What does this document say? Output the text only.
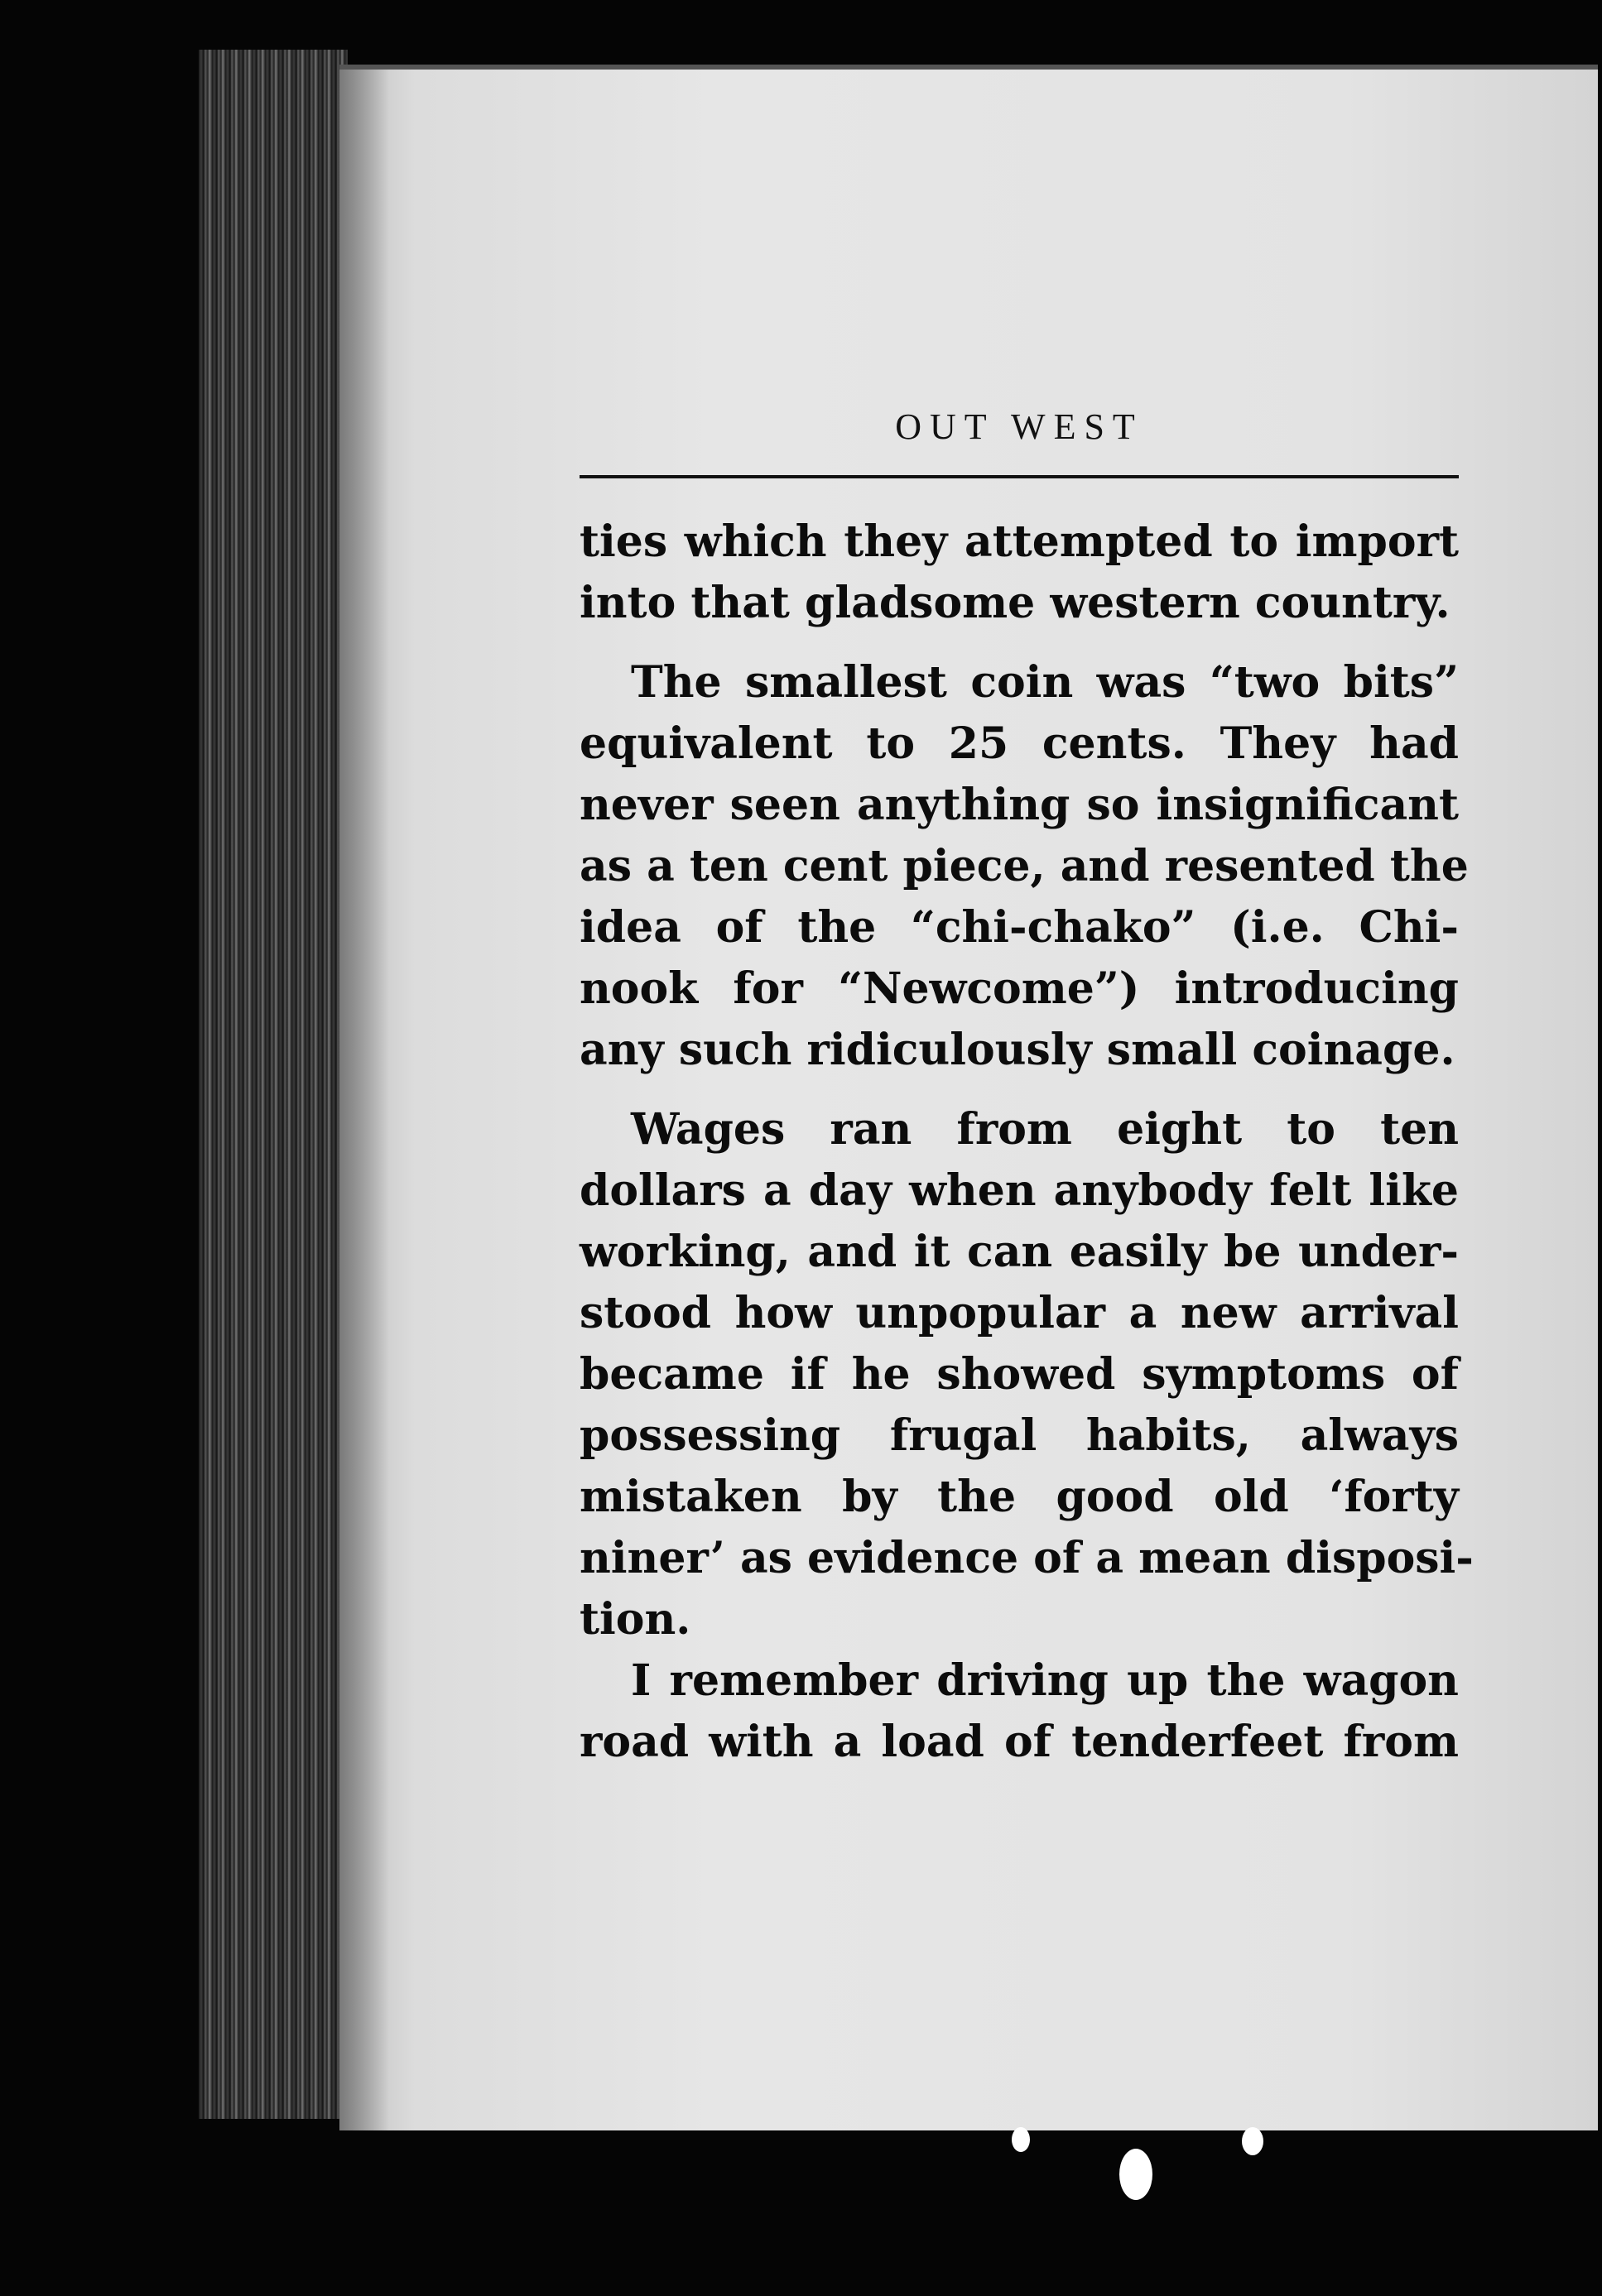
OUT WEST
ties which they attempted to import
into that gladsome western country.
The smallest coin was “two bits”
equivalent to 25 cents. They had
never seen anything so insignificant
as a ten cent piece, and resented the
idea of the “chi-chako” (i.e. Chi-
nook for “Newcome”) introducing
any such ridiculously small coinage.
Wages ran from eight to ten
dollars a day when anybody felt like
working, and it can easily be under-
stood how unpopular a new arrival
became if he showed symptoms of
possessing frugal habits, always
mistaken by the good old ‘forty
niner’ as evidence of a mean disposi-
tion.
I remember driving up the wagon
road with a load of tenderfeet from
